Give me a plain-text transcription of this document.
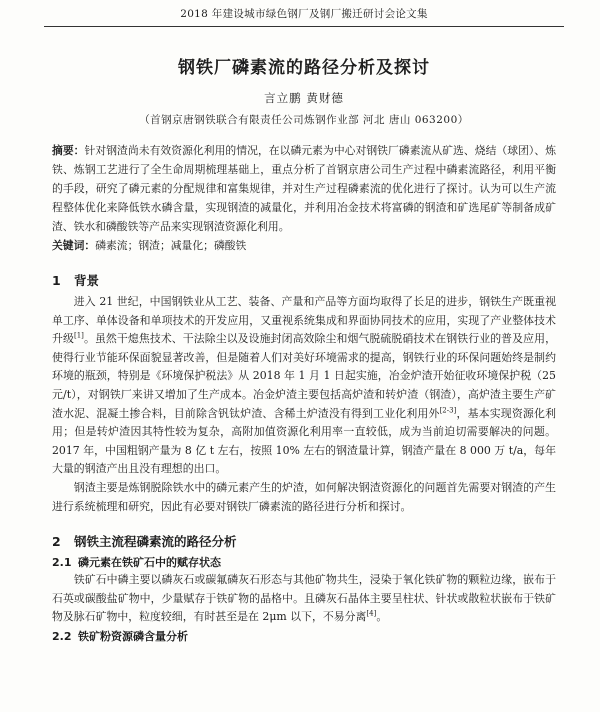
2018 年建设城市绿色钢厂及钢厂搬迁研讨会论文集
钢铁厂磷素流的路径分析及探讨
言立鹏 黄财德
（首钢京唐钢铁联合有限责任公司炼钢作业部 河北 唐山 063200）
摘要：针对钢渣尚未有效资源化利用的情况，在以磷元素为中心对钢铁厂磷素流从矿选、烧结（球团）、炼铁、炼钢工艺进行了全生命周期梳理基础上，重点分析了首钢京唐公司生产过程中磷素流路径，利用平衡的手段，研究了磷元素的分配规律和富集规律，并对生产过程磷素流的优化进行了探讨。认为可以生产流程整体优化来降低铁水磷含量，实现钢渣的减量化，并利用冶金技术将富磷的钢渣和矿选尾矿等制备成矿渣、铁水和磷酸铁等产品来实现钢渣资源化利用。
关键词：磷素流；钢渣；减量化；磷酸铁
1 背景

进入 21 世纪，中国钢铁业从工艺、装备、产量和产品等方面均取得了长足的进步，钢铁生产既重视单工序、单体设备和单项技术的开发应用，又重视系统集成和界面协同技术的应用，实现了产业整体技术升级[1]。虽然干熄焦技术、干法除尘以及设施封闭高效除尘和烟气脱硫脱硝技术在钢铁行业的普及应用，使得行业节能环保面貌显著改善，但是随着人们对美好环境需求的提高，钢铁行业的环保问题始终是制约环境的瓶颈，特别是《环境保护税法》从 2018 年 1 月 1 日起实施，冶金炉渣开始征收环境保护税（25 元/t），对钢铁厂来讲又增加了生产成本。冶金炉渣主要包括高炉渣和转炉渣（钢渣），高炉渣主要生产矿渣水泥、混凝土掺合料，目前除含钒钛炉渣、含稀土炉渣没有得到工业化利用外[2-3]，基本实现资源化利用；但是转炉渣因其特性较为复杂，高附加值资源化利用率一直较低，成为当前迫切需要解决的问题。2017 年，中国粗钢产量为 8 亿 t 左右，按照 10% 左右的钢渣量计算，钢渣产量在 8 000 万 t/a，每年大量的钢渣产出且没有理想的出口。

钢渣主要是炼钢脱除铁水中的磷元素产生的炉渣，如何解决钢渣资源化的问题首先需要对钢渣的产生进行系统梳理和研究，因此有必要对钢铁厂磷素流的路径进行分析和探讨。

2 钢铁主流程磷素流的路径分析
2.1 磷元素在铁矿石中的赋存状态

铁矿石中磷主要以磷灰石或碳氟磷灰石形态与其他矿物共生，浸染于氧化铁矿物的颗粒边缘，嵌布于石英或碳酸盐矿物中，少量赋存于铁矿物的晶格中。且磷灰石晶体主要呈柱状、针状或散粒状嵌布于铁矿物及脉石矿物中，粒度较细，有时甚至是在 2μm 以下，不易分离[4]。

2.2 铁矿粉资源磷含量分析
